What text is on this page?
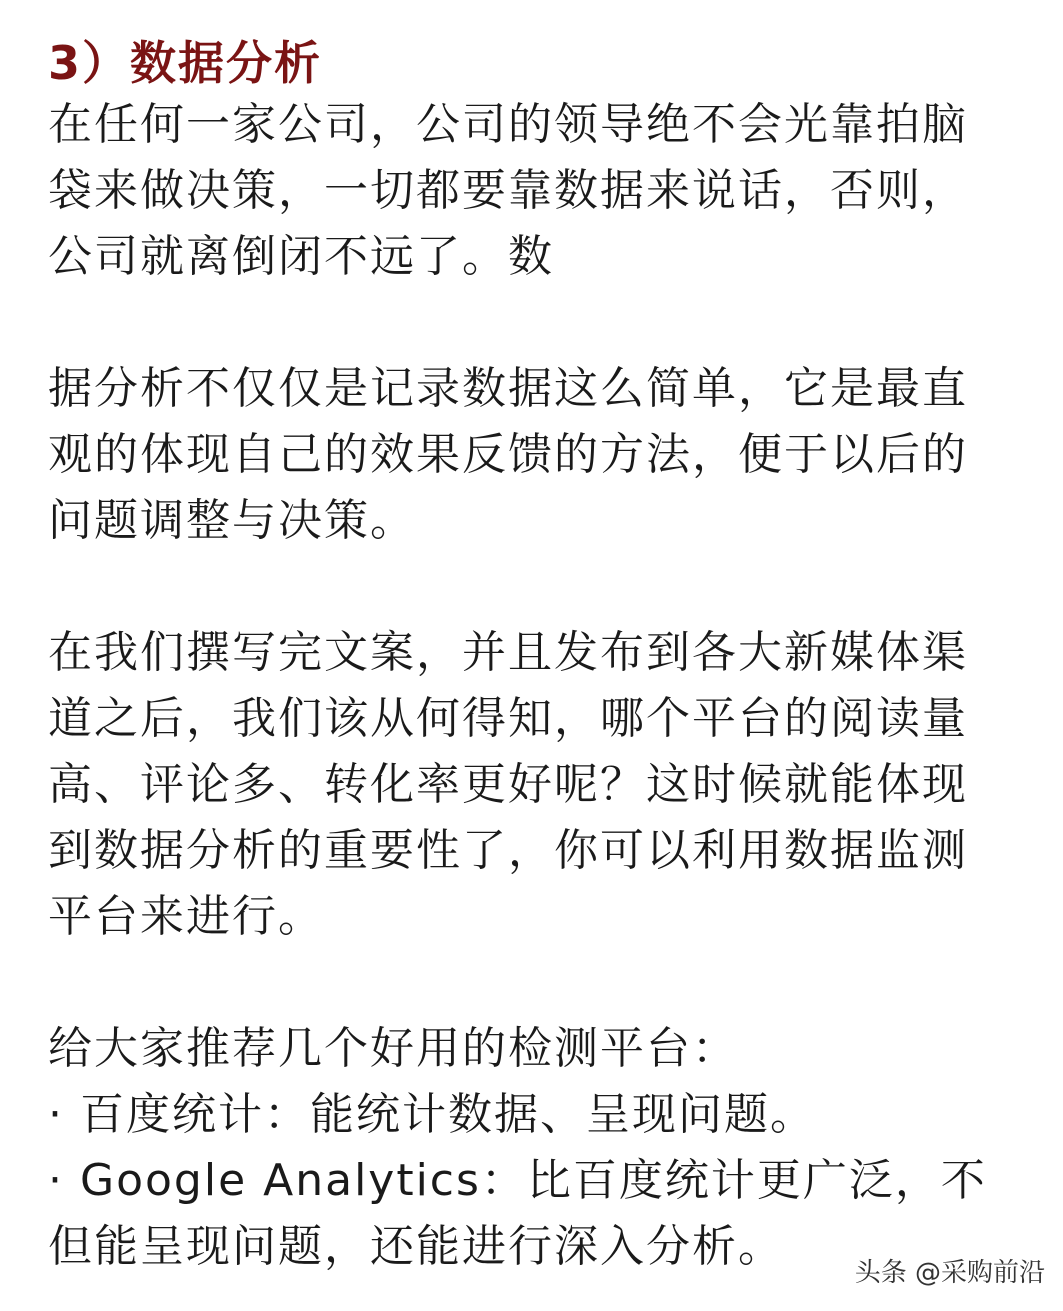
3）数据分析

在任何一家公司，公司的领导绝不会光靠拍脑
袋来做决策，一切都要靠数据来说话，否则，
公司就离倒闭不远了。数

据分析不仅仅是记录数据这么简单，它是最直
观的体现自己的效果反馈的方法，便于以后的
问题调整与决策。

在我们撰写完文案，并且发布到各大新媒体渠
道之后，我们该从何得知，哪个平台的阅读量
高、评论多、转化率更好呢？这时候就能体现
到数据分析的重要性了，你可以利用数据监测
平台来进行。

给大家推荐几个好用的检测平台：
· 百度统计：能统计数据、呈现问题。
· Google Analytics：比百度统计更广泛，不
但能呈现问题，还能进行深入分析。

头条 @采购前沿
